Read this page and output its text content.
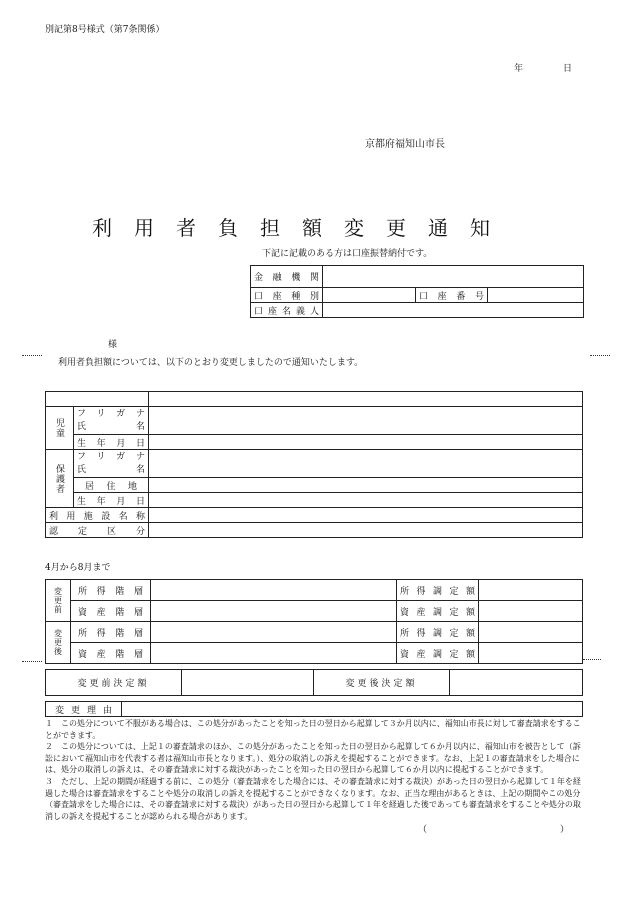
別記第8号様式（第7条関係）
年	日
京都府福知山市長
利用者負担額変更通知
下記に記載のある方は口座振替納付です。
金融機関			

口座種別		口座番号	

口座名義人			

様
利用者負担額については、以下のとおり変更しましたので通知いたします。

児童	フリガナ
氏名	

	生年月日	

保護者	フリガナ
氏名	

	居住地	

	生年月日	

利用施設名称		

認定区分		

4月から8月まで
変更前	所得階層		所得調定額	

	資産階層		資産調定額	

変更後	所得階層		所得調定額	

	資産階層		資産調定額	

変更前決定額		変更後決定額	
変更理由

１　この処分について不服がある場合は、この処分があったことを知った日の翌日から起算して３か月以内に、福知山市長に対して審査請求をすることができます。
２　この処分については、上記１の審査請求のほか、この処分があったことを知った日の翌日から起算して６か月以内に、福知山市を被告として（訴訟において福知山市を代表する者は福知山市長となります。）、処分の取消しの訴えを提起することができます。なお、上記１の審査請求をした場合には、処分の取消しの訴えは、その審査請求に対する裁決があったことを知った日の翌日から起算して６か月以内に提起することができます。
３　ただし、上記の期間が経過する前に、この処分（審査請求をした場合には、その審査請求に対する裁決）があった日の翌日から起算して１年を経過した場合は審査請求をすることや処分の取消しの訴えを提起することができなくなります。なお、正当な理由があるときは、上記の期間やこの処分（審査請求をした場合には、その審査請求に対する裁決）があった日の翌日から起算して１年を経過した後であっても審査請求をすることや処分の取消しの訴えを提起することが認められる場合があります。
（	）
